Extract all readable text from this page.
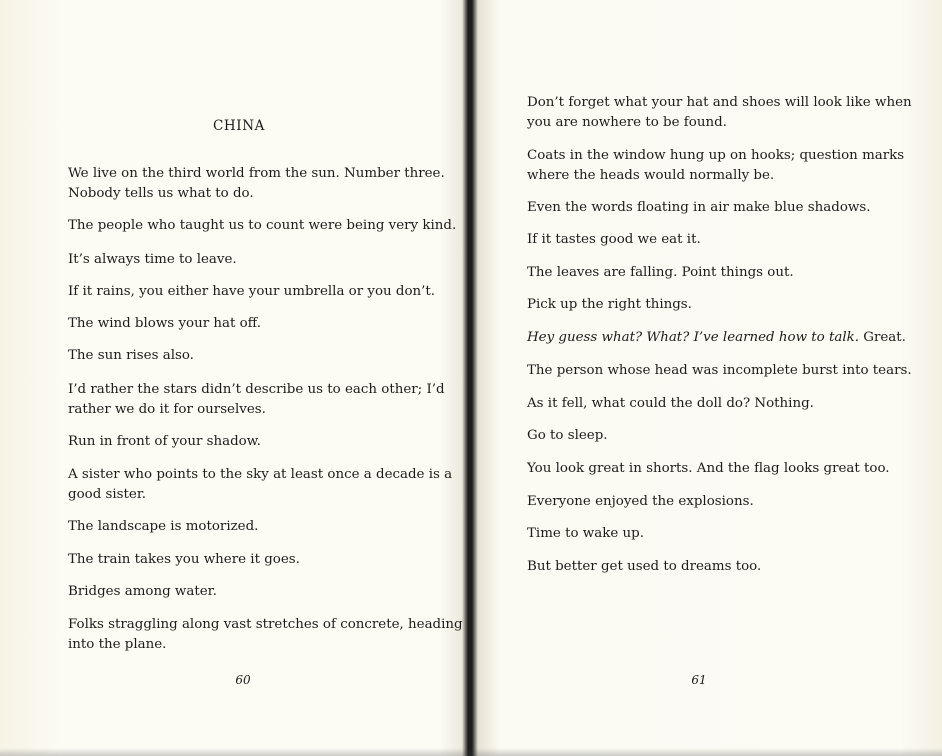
CHINA
We live on the third world from the sun. Number three.
Nobody tells us what to do.
The people who taught us to count were being very kind.
It’s always time to leave.
If it rains, you either have your umbrella or you don’t.
The wind blows your hat off.
The sun rises also.
I’d rather the stars didn’t describe us to each other; I’d
rather we do it for ourselves.
Run in front of your shadow.
A sister who points to the sky at least once a decade is a
good sister.
The landscape is motorized.
The train takes you where it goes.
Bridges among water.
Folks straggling along vast stretches of concrete, heading
into the plane.
60
Don’t forget what your hat and shoes will look like when
you are nowhere to be found.
Coats in the window hung up on hooks; question marks
where the heads would normally be.
Even the words floating in air make blue shadows.
If it tastes good we eat it.
The leaves are falling. Point things out.
Pick up the right things.
Hey guess what? What? I’ve learned how to talk. Great.
The person whose head was incomplete burst into tears.
As it fell, what could the doll do? Nothing.
Go to sleep.
You look great in shorts. And the flag looks great too.
Everyone enjoyed the explosions.
Time to wake up.
But better get used to dreams too.
61
